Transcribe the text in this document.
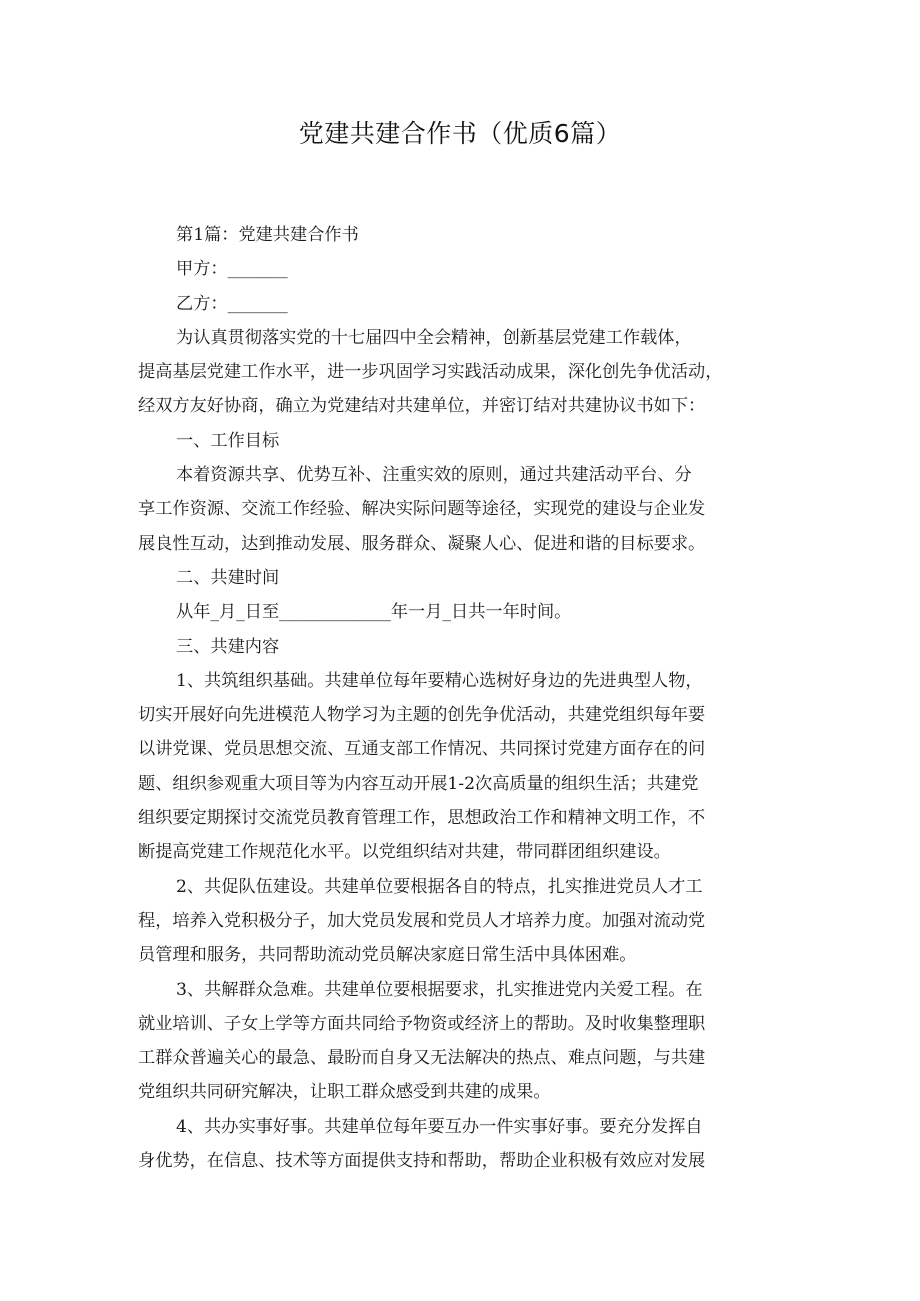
党建共建合作书（优质6篇）
第1篇：党建共建合作书
甲方：_______
乙方：_______
为认真贯彻落实党的十七届四中全会精神，创新基层党建工作载体，
提高基层党建工作水平，进一步巩固学习实践活动成果，深化创先争优活动，
经双方友好协商，确立为党建结对共建单位，并密订结对共建协议书如下：
一、工作目标
本着资源共享、优势互补、注重实效的原则，通过共建活动平台、分
享工作资源、交流工作经验、解决实际问题等途径，实现党的建设与企业发
展良性互动，达到推动发展、服务群众、凝聚人心、促进和谐的目标要求。
二、共建时间
从年_月_日至_____________年一月_日共一年时间。
三、共建内容
1、共筑组织基础。共建单位每年要精心选树好身边的先进典型人物，
切实开展好向先进模范人物学习为主题的创先争优活动，共建党组织每年要
以讲党课、党员思想交流、互通支部工作情况、共同探讨党建方面存在的问
题、组织参观重大项目等为内容互动开展1-2次高质量的组织生活；共建党
组织要定期探讨交流党员教育管理工作，思想政治工作和精神文明工作，不
断提高党建工作规范化水平。以党组织结对共建，带同群团组织建设。
2、共促队伍建设。共建单位要根据各自的特点，扎实推进党员人才工
程，培养入党积极分子，加大党员发展和党员人才培养力度。加强对流动党
员管理和服务，共同帮助流动党员解决家庭日常生活中具体困难。
3、共解群众急难。共建单位要根据要求，扎实推进党内关爱工程。在
就业培训、子女上学等方面共同给予物资或经济上的帮助。及时收集整理职
工群众普遍关心的最急、最盼而自身又无法解决的热点、难点问题，与共建
党组织共同研究解决，让职工群众感受到共建的成果。
4、共办实事好事。共建单位每年要互办一件实事好事。要充分发挥自
身优势，在信息、技术等方面提供支持和帮助，帮助企业积极有效应对发展
